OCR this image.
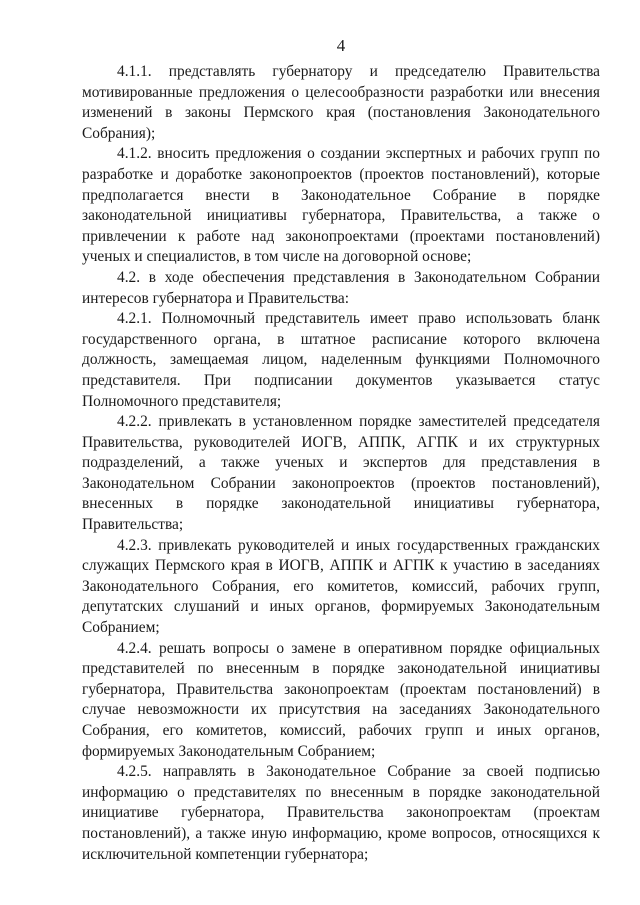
4

4.1.1. представлять губернатору и председателю Правительства мотивированные предложения о целесообразности разработки или внесения изменений в законы Пермского края (постановления Законодательного Собрания);

4.1.2. вносить предложения о создании экспертных и рабочих групп по разработке и доработке законопроектов (проектов постановлений), которые предполагается внести в Законодательное Собрание в порядке законодательной инициативы губернатора, Правительства, а также о привлечении к работе над законопроектами (проектами постановлений) ученых и специалистов, в том числе на договорной основе;

4.2. в ходе обеспечения представления в Законодательном Собрании интересов губернатора и Правительства:

4.2.1. Полномочный представитель имеет право использовать бланк государственного органа, в штатное расписание которого включена должность, замещаемая лицом, наделенным функциями Полномочного представителя. При подписании документов указывается статус Полномочного представителя;

4.2.2. привлекать в установленном порядке заместителей председателя Правительства, руководителей ИОГВ, АППК, АГПК и их структурных подразделений, а также ученых и экспертов для представления в Законодательном Собрании законопроектов (проектов постановлений), внесенных в порядке законодательной инициативы губернатора, Правительства;

4.2.3. привлекать руководителей и иных государственных гражданских служащих Пермского края в ИОГВ, АППК и АГПК к участию в заседаниях Законодательного Собрания, его комитетов, комиссий, рабочих групп, депутатских слушаний и иных органов, формируемых Законодательным Собранием;

4.2.4. решать вопросы о замене в оперативном порядке официальных представителей по внесенным в порядке законодательной инициативы губернатора, Правительства законопроектам (проектам постановлений) в случае невозможности их присутствия на заседаниях Законодательного Собрания, его комитетов, комиссий, рабочих групп и иных органов, формируемых Законодательным Собранием;

4.2.5. направлять в Законодательное Собрание за своей подписью информацию о представителях по внесенным в порядке законодательной инициативе губернатора, Правительства законопроектам (проектам постановлений), а также иную информацию, кроме вопросов, относящихся к исключительной компетенции губернатора;
